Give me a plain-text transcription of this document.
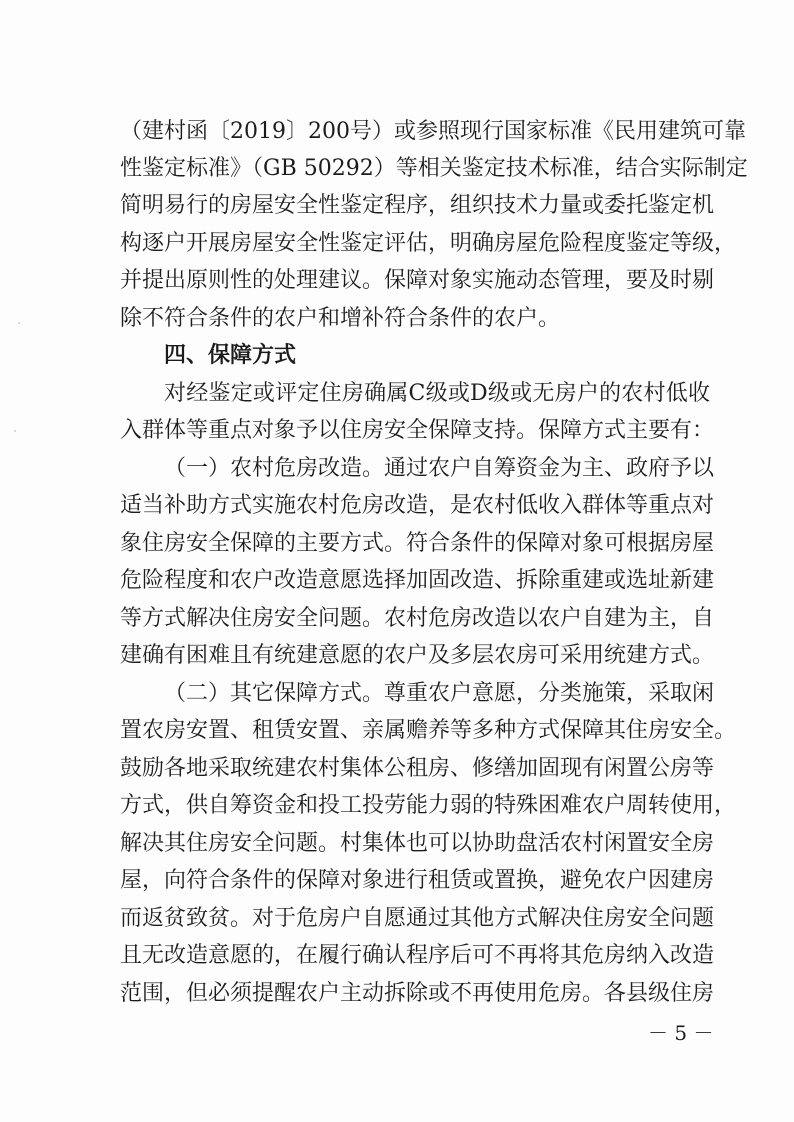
（建村函〔2019〕200号）或参照现行国家标准《民用建筑可靠
性鉴定标准》（GB 50292）等相关鉴定技术标准，结合实际制定
简明易行的房屋安全性鉴定程序，组织技术力量或委托鉴定机
构逐户开展房屋安全性鉴定评估，明确房屋危险程度鉴定等级，
并提出原则性的处理建议。保障对象实施动态管理，要及时剔
除不符合条件的农户和增补符合条件的农户。
四、保障方式
对经鉴定或评定住房确属C级或D级或无房户的农村低收
入群体等重点对象予以住房安全保障支持。保障方式主要有：
（一）农村危房改造。通过农户自筹资金为主、政府予以
适当补助方式实施农村危房改造，是农村低收入群体等重点对
象住房安全保障的主要方式。符合条件的保障对象可根据房屋
危险程度和农户改造意愿选择加固改造、拆除重建或选址新建
等方式解决住房安全问题。农村危房改造以农户自建为主，自
建确有困难且有统建意愿的农户及多层农房可采用统建方式。
（二）其它保障方式。尊重农户意愿，分类施策，采取闲
置农房安置、租赁安置、亲属赡养等多种方式保障其住房安全。
鼓励各地采取统建农村集体公租房、修缮加固现有闲置公房等
方式，供自筹资金和投工投劳能力弱的特殊困难农户周转使用，
解决其住房安全问题。村集体也可以协助盘活农村闲置安全房
屋，向符合条件的保障对象进行租赁或置换，避免农户因建房
而返贫致贫。对于危房户自愿通过其他方式解决住房安全问题
且无改造意愿的，在履行确认程序后可不再将其危房纳入改造
范围，但必须提醒农户主动拆除或不再使用危房。各县级住房
－ 5 －
